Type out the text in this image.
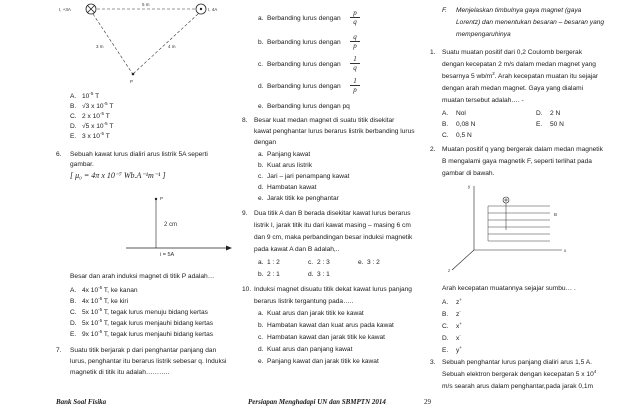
I, +3A	I, 4A
5 m
3 m	4 m
P
A. $10^{-5}$ T
B. √3 x $10^{-5}$ T
C. 2 x $10^{-5}$ T
D. √5 x $10^{-5}$ T
E. 3 x $10^{-5}$ T
6. Sebuah kawat lurus dialiri arus listrik 5A seperti
gambar.
[ μ₀ = 4π x 10⁻⁷ Wb.A⁻¹m⁻¹ ]
P
2 cm
i = 5A
Besar dan arah induksi magnet di titik P adalah…
A. 4x $10^{-5}$ T, ke kanan
B. 4x $10^{-5}$ T, ke kiri
C. 5x $10^{-5}$ T, tegak lurus menuju bidang kertas
D. 5x $10^{-5}$ T, tegak lurus menjauhi bidang kertas
E. 9x $10^{-5}$ T, tegak lurus menjauhi bidang kertas
7. Suatu titik berjarak p dari penghantar panjang dan
lurus, penghantar itu berarus listrik sebesar q. Induksi
magnetik di titik itu adalah………..
a. Berbanding lurus dengan $\frac{p}{q}$
b. Berbanding lurus dengan $\frac{q}{p}$
c. Berbanding lurus dengan $\frac{1}{q}$
d. Berbanding lurus dengan $\frac{1}{p}$
e. Berbanding lurus dengan pq
8. Besar kuat medan magnet di suatu titik disekitar
kawat penghantar lurus berarus listrik berbanding lurus
dengan
a. Panjang kawat
b. Kuat arus listrik
c. Jari – jari penampang kawat
d. Hambatan kawat
e. Jarak titik ke penghantar
9. Dua titik A dan B berada disekitar kawat lurus berarus
listrik I, jarak titik itu dari kawat masing – masing 6 cm
dan 9 cm, maka perbandingan besar induksi magnetik
pada kawat A dan B adalah,..
a. 1 : 2	c. 2 : 3	e. 3 : 2
b. 2 : 1	d. 3 : 1
10. Induksi magnet disuatu titik dekat kawat lurus panjang
berarus listrik tergantung pada…..
a. Kuat arus dan jarak titik ke kawat
b. Hambatan kawat dan kuat arus pada kawat
c. Hambatan kawat dan jarak titik ke kawat
d. Kuat arus dan panjang kawat
e. Panjang kawat dan jarak titik ke kawat
F. Menjelaskan timbulnya gaya magnet (gaya
Lorentz) dan menentukan besaran – besaran yang
mempengaruhinya
1. Suatu muatan positif dari 0,2 Coulomb bergerak
dengan kecepatan 2 m/s dalam medan magnet yang
besarnya 5 $wb/m^2$. Arah kecepatan muatan itu sejajar
dengan arah medan magnet. Gaya yang dialami
muatan tersebut adalah…. -
A. Nol	D. 2 N
B. 0,08 N	E. 50 N
C. 0,5 N
2. Muatan positif q yang bergerak dalam medan magnetik
B mengalami gaya magnetik F, seperti terlihat pada
gambar di bawah.
y
x
z
B
Arah kecepatan muatannya sejajar sumbu… .
A. z+
B. z-
C. x+
D. x-
E. y+
3. Sebuah penghantar lurus panjang dialiri arus 1,5 A.
Sebuah elektron bergerak dengan kecepatan 5 x $10^4$
m/s searah arus dalam penghantar,pada jarak 0,1m
Bank Soal Fisika	Persiapan Menghadapi UN dan SBMPTN 2014	29
